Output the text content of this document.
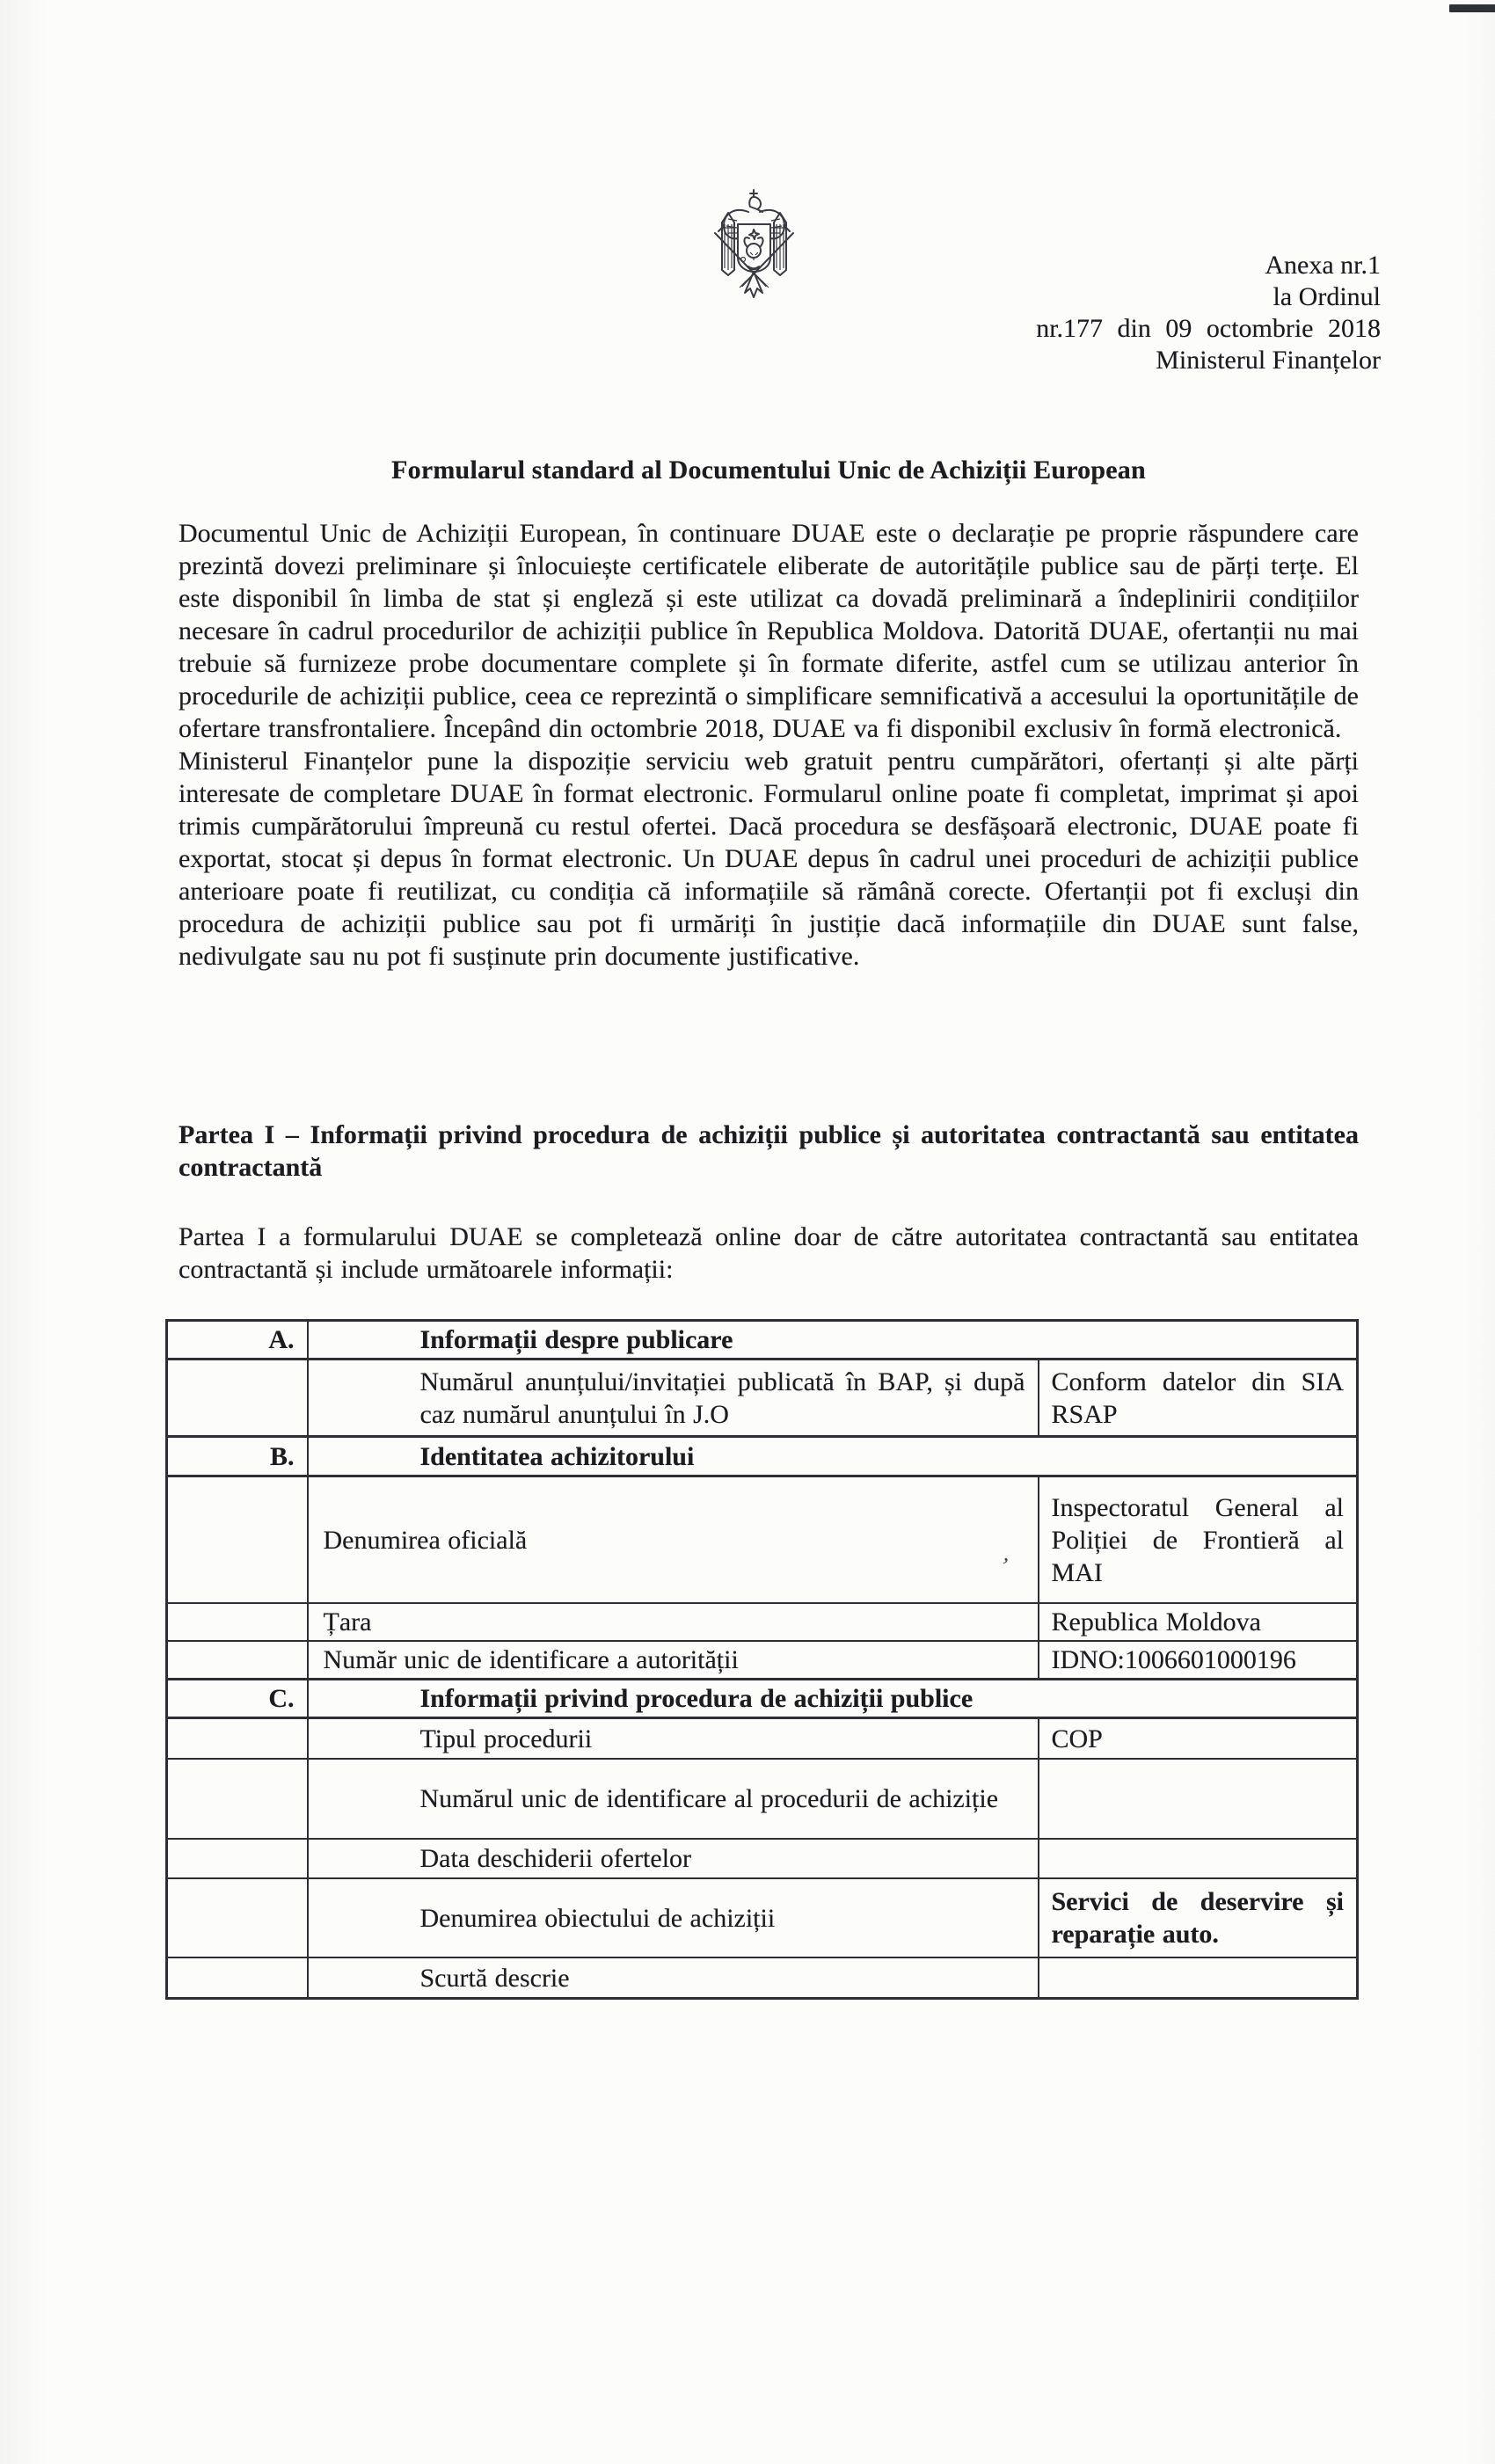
Anexa nr.1
la Ordinul
nr.177 din 09 octombrie 2018
Ministerul Finanțelor
Formularul standard al Documentului Unic de Achiziții European

Documentul Unic de Achiziții European, în continuare DUAE este o declarație pe proprie răspundere care prezintă dovezi preliminare și înlocuiește certificatele eliberate de autoritățile publice sau de părți terțe. El este disponibil în limba de stat și engleză și este utilizat ca dovadă preliminară a îndeplinirii condițiilor necesare în cadrul procedurilor de achiziții publice în Republica Moldova. Datorită DUAE, ofertanții nu mai trebuie să furnizeze probe documentare complete și în formate diferite, astfel cum se utilizau anterior în procedurile de achiziții publice, ceea ce reprezintă o simplificare semnificativă a accesului la oportunitățile de ofertare transfrontaliere. Începând din octombrie 2018, DUAE va fi disponibil exclusiv în formă electronică.

Ministerul Finanțelor pune la dispoziție serviciu web gratuit pentru cumpărători, ofertanți și alte părți interesate de completare DUAE în format electronic. Formularul online poate fi completat, imprimat și apoi trimis cumpărătorului împreună cu restul ofertei. Dacă procedura se desfășoară electronic, DUAE poate fi exportat, stocat și depus în format electronic. Un DUAE depus în cadrul unei proceduri de achiziții publice anterioare poate fi reutilizat, cu condiția că informațiile să rămână corecte. Ofertanții pot fi excluși din procedura de achiziții publice sau pot fi urmăriți în justiție dacă informațiile din DUAE sunt false, nedivulgate sau nu pot fi susținute prin documente justificative.

Partea I – Informații privind procedura de achiziții publice și autoritatea contractantă sau entitatea contractantă
Partea I a formularului DUAE se completează online doar de către autoritatea contractantă sau entitatea contractantă și include următoarele informații:
’
A.	Informații despre publicare	
	Numărul anunțului/invitației publicată în BAP, și după caz numărul anunțului în J.O	Conform datelor din SIA RSAP
B.	Identitatea achizitorului	
	Denumirea oficială	Inspectoratul General al Poliției de Frontieră al MAI
	Țara	Republica Moldova
	Număr unic de identificare a autorității	IDNO:1006601000196
C.	Informații privind procedura de achiziții publice	
	Tipul procedurii	COP
	Numărul unic de identificare al procedurii de achiziție	
	Data deschiderii ofertelor	
	Denumirea obiectului de achiziții	Servici de deservire și reparație auto.
	Scurtă descrie	
